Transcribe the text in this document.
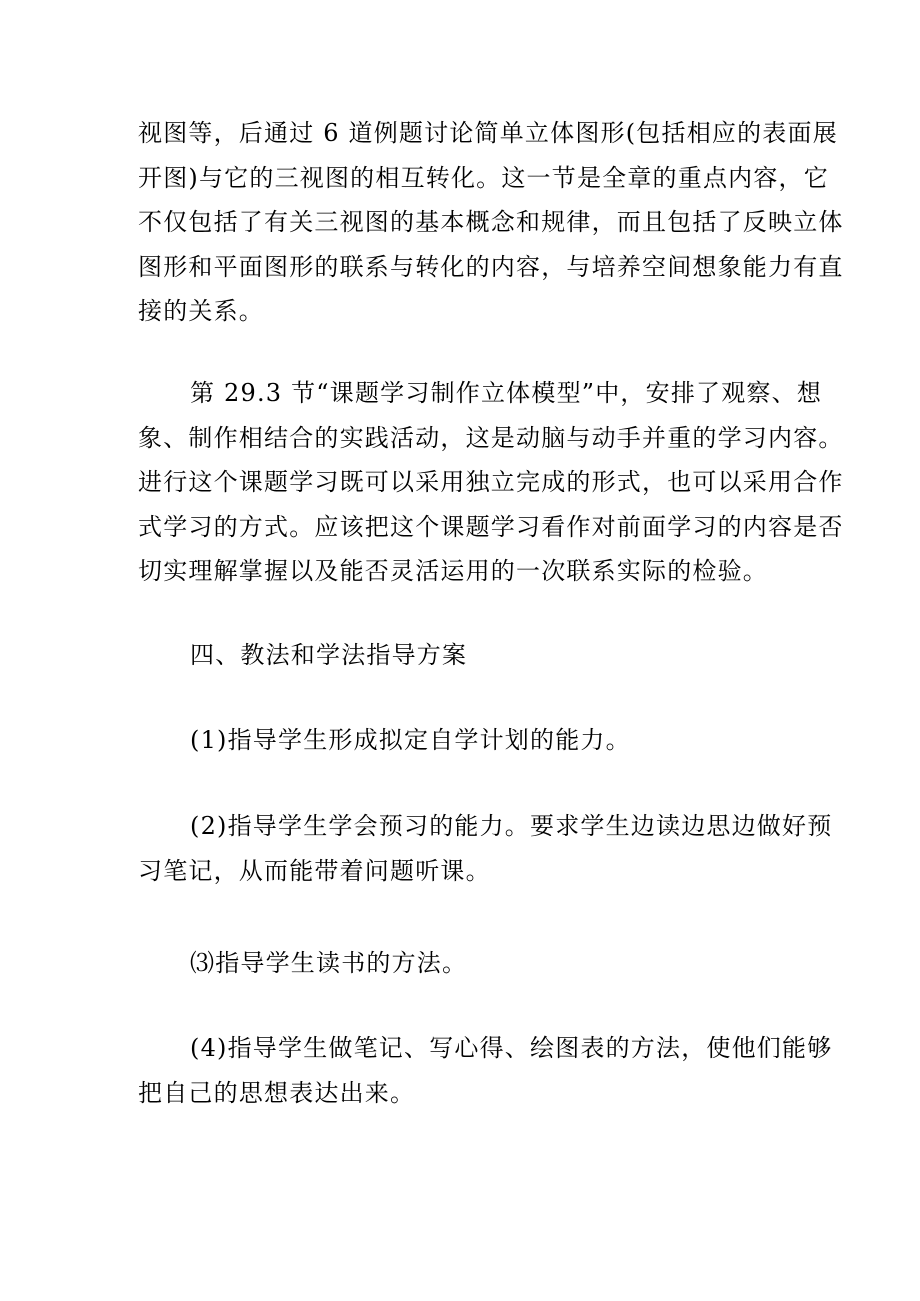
视图等，后通过 6 道例题讨论简单立体图形(包括相应的表面展
开图)与它的三视图的相互转化。这一节是全章的重点内容，它
不仅包括了有关三视图的基本概念和规律，而且包括了反映立体
图形和平面图形的联系与转化的内容，与培养空间想象能力有直
接的关系。

第 29.3 节“课题学习制作立体模型”中，安排了观察、想
象、制作相结合的实践活动，这是动脑与动手并重的学习内容。
进行这个课题学习既可以采用独立完成的形式，也可以采用合作
式学习的方式。应该把这个课题学习看作对前面学习的内容是否
切实理解掌握以及能否灵活运用的一次联系实际的检验。

四、教法和学法指导方案

(1)指导学生形成拟定自学计划的能力。

(2)指导学生学会预习的能力。要求学生边读边思边做好预
习笔记，从而能带着问题听课。

⑶指导学生读书的方法。

(4)指导学生做笔记、写心得、绘图表的方法，使他们能够
把自己的思想表达出来。
